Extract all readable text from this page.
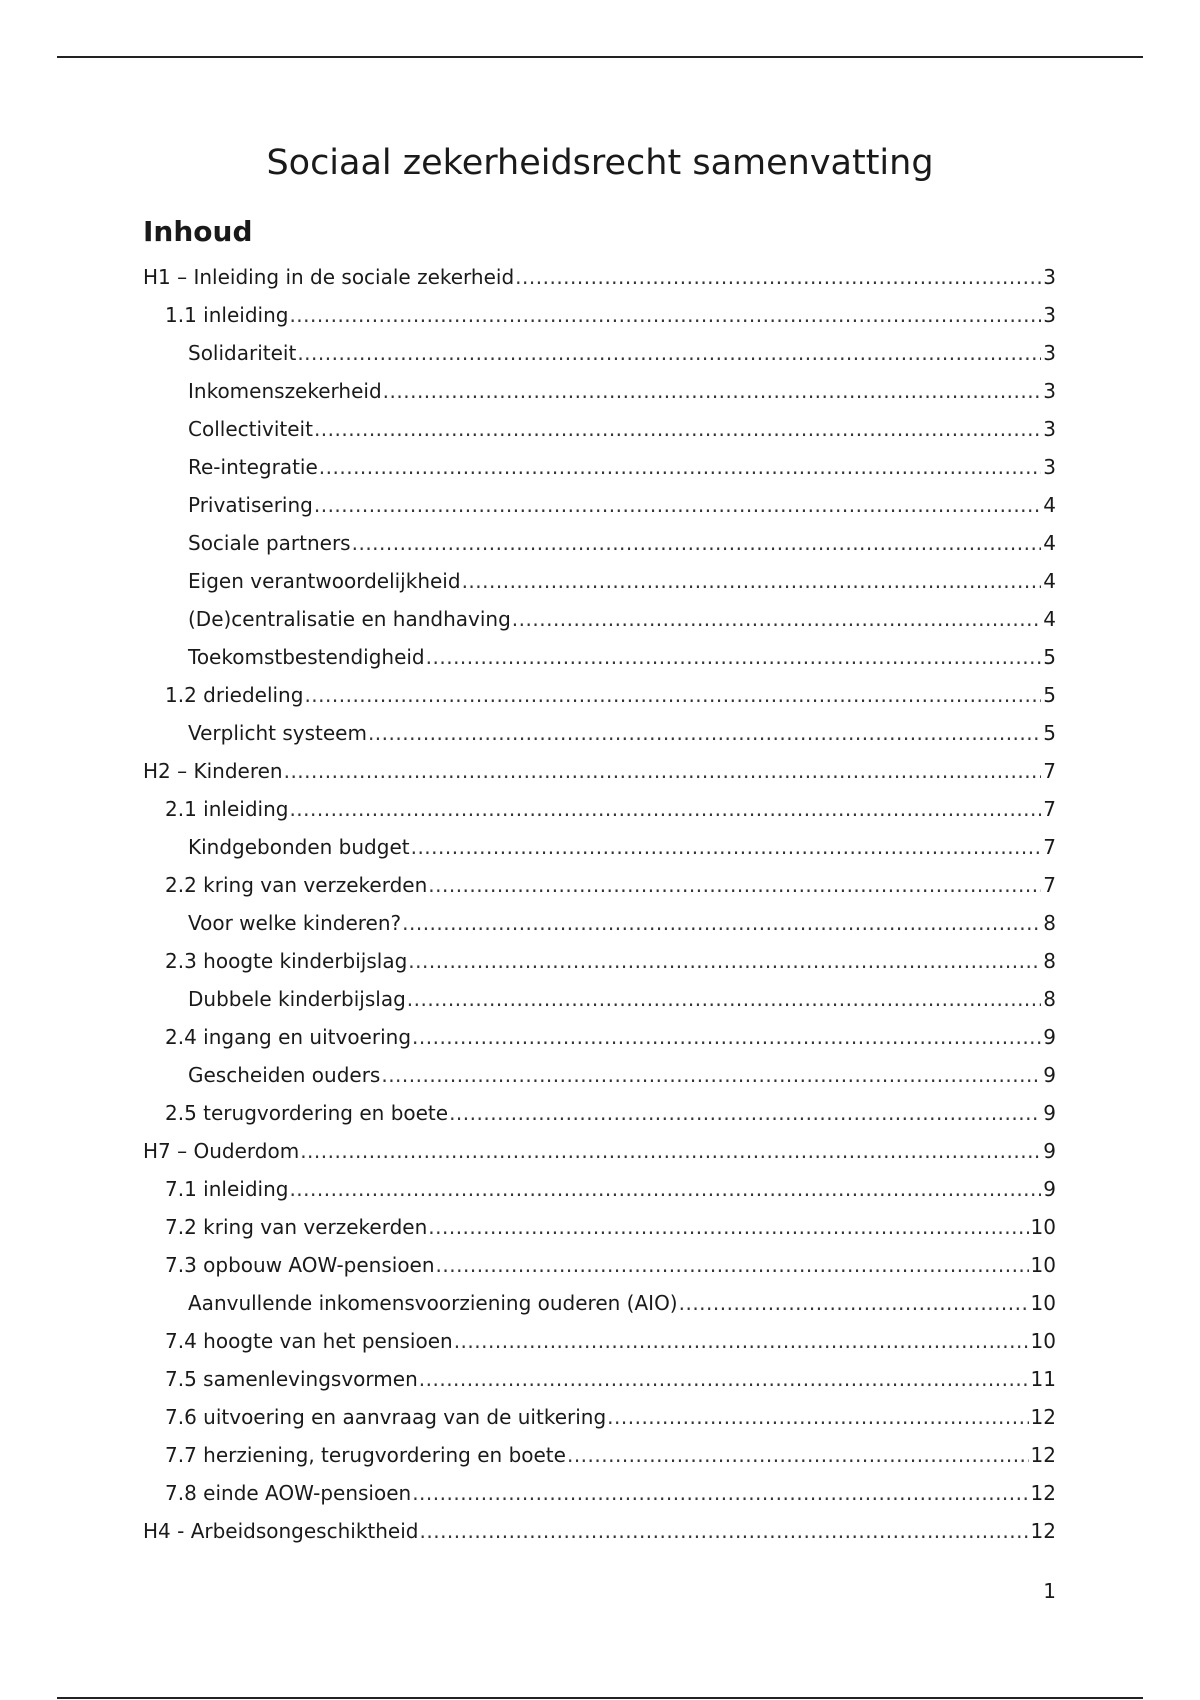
Sociaal zekerheidsrecht samenvatting
Inhoud
H1 – Inleiding in de sociale zekerheid .....	3
1.1 inleiding .....	3
Solidariteit .....	3
Inkomenszekerheid .....	3
Collectiviteit .....	3
Re-integratie .....	3
Privatisering .....	4
Sociale partners .....	4
Eigen verantwoordelijkheid .....	4
(De)centralisatie en handhaving .....	4
Toekomstbestendigheid .....	5
1.2 driedeling .....	5
Verplicht systeem .....	5
H2 – Kinderen .....	7
2.1 inleiding .....	7
Kindgebonden budget .....	7
2.2 kring van verzekerden .....	7
Voor welke kinderen? .....	8
2.3 hoogte kinderbijslag .....	8
Dubbele kinderbijslag .....	8
2.4 ingang en uitvoering .....	9
Gescheiden ouders .....	9
2.5 terugvordering en boete .....	9
H7 – Ouderdom .....	9
7.1 inleiding .....	9
7.2 kring van verzekerden .....	10
7.3 opbouw AOW-pensioen .....	10
Aanvullende inkomensvoorziening ouderen (AIO) .....	10
7.4 hoogte van het pensioen .....	10
7.5 samenlevingsvormen .....	11
7.6 uitvoering en aanvraag van de uitkering .....	12
7.7 herziening, terugvordering en boete .....	12
7.8 einde AOW-pensioen .....	12
H4 - Arbeidsongeschiktheid .....	12
1
